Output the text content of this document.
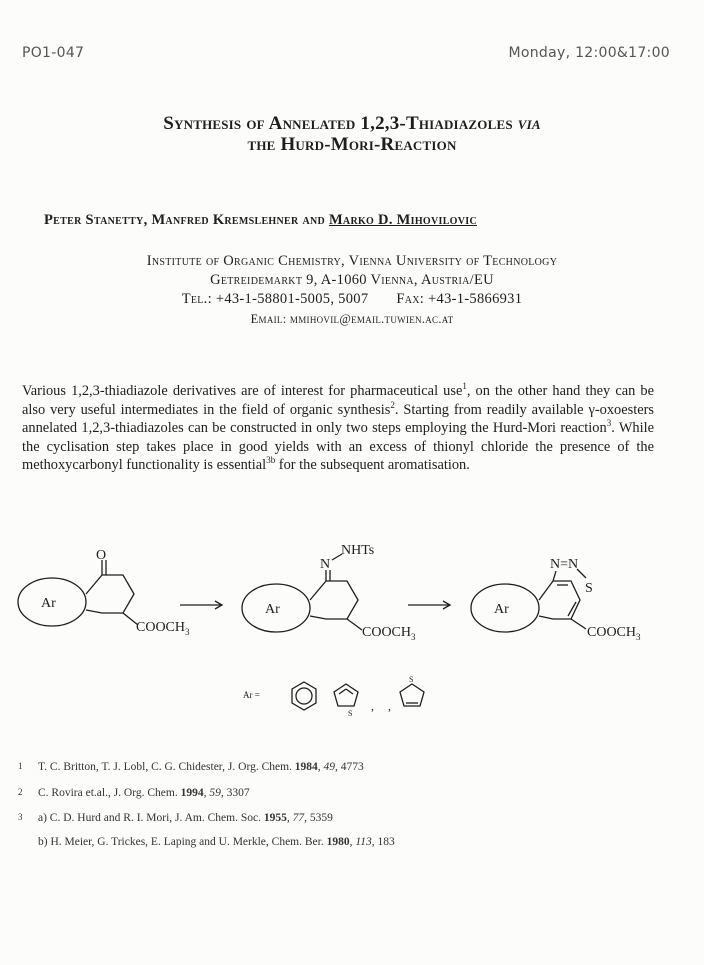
PO1-047	Monday, 12:00&17:00
Synthesis of Annelated 1,2,3-Thiadiazoles via
the Hurd-Mori-Reaction
Peter Stanetty, Manfred Kremslehner and Marko D. Mihovilovic
Institute of Organic Chemistry, Vienna University of Technology
Getreidemarkt 9, A-1060 Vienna, Austria/EU
Tel.: +43-1-58801-5005, 5007 Fax: +43-1-5866931
Email: mmihovil@email.tuwien.ac.at
Various 1,2,3-thiadiazole derivatives are of interest for pharmaceutical use$^1$, on the other hand they can be also very useful intermediates in the field of organic synthesis$^2$. Starting from readily available γ-oxoesters annelated 1,2,3-thiadiazoles can be constructed in only two steps employing the Hurd-Mori reaction$^3$. While the cyclisation step takes place in good yields with an excess of thionyl chloride the presence of the methoxycarbonyl functionality is essential$^{3b}$ for the subsequent aromatisation.
Ar
O
$COOCH_3$
Ar
N
NHTs
$COOCH_3$
Ar
N=N
S
$COOCH_3$
Ar =
S
S
, ,
1 T. C. Britton, T. J. Lobl, C. G. Chidester, J. Org. Chem. 1984, 49, 4773
2 C. Rovira et.al., J. Org. Chem. 1994, 59, 3307
3 a) C. D. Hurd and R. I. Mori, J. Am. Chem. Soc. 1955, 77, 5359
b) H. Meier, G. Trickes, E. Laping and U. Merkle, Chem. Ber. 1980, 113, 183
